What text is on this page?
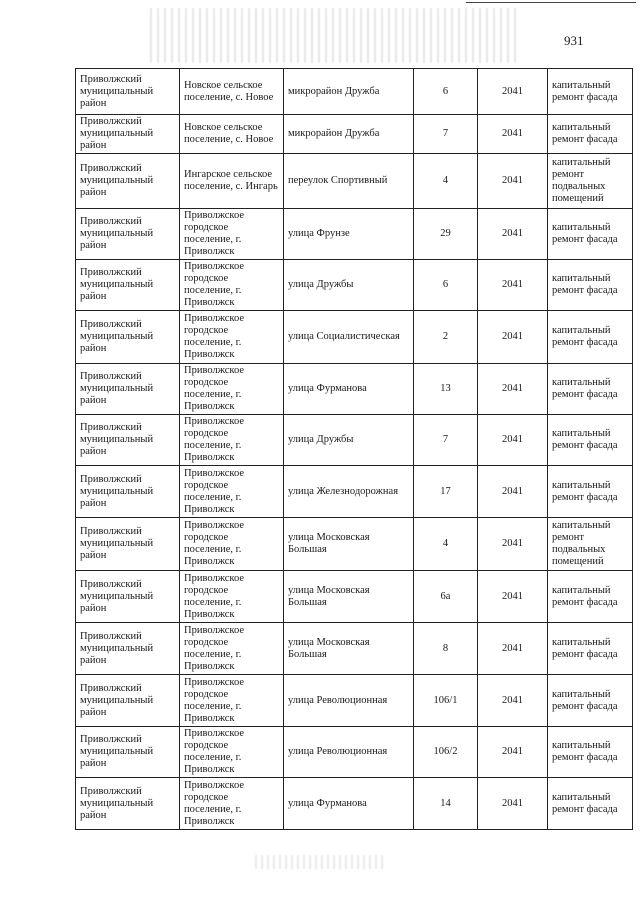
931
Приволжский муниципальный район	Новское сельское поселение, с. Новое	микрорайон Дружба	6	2041	капитальный ремонт фасада
Приволжский муниципальный район	Новское сельское поселение, с. Новое	микрорайон Дружба	7	2041	капитальный ремонт фасада
Приволжский муниципальный район	Ингарское сельское поселение, с. Ингарь	переулок Спортивный	4	2041	капитальный ремонт подвальных помещений
Приволжский муниципальный район	Приволжское городское поселение, г. Приволжск	улица Фрунзе	29	2041	капитальный ремонт фасада
Приволжский муниципальный район	Приволжское городское поселение, г. Приволжск	улица Дружбы	6	2041	капитальный ремонт фасада
Приволжский муниципальный район	Приволжское городское поселение, г. Приволжск	улица Социалистическая	2	2041	капитальный ремонт фасада
Приволжский муниципальный район	Приволжское городское поселение, г. Приволжск	улица Фурманова	13	2041	капитальный ремонт фасада
Приволжский муниципальный район	Приволжское городское поселение, г. Приволжск	улица Дружбы	7	2041	капитальный ремонт фасада
Приволжский муниципальный район	Приволжское городское поселение, г. Приволжск	улица Железнодорожная	17	2041	капитальный ремонт фасада
Приволжский муниципальный район	Приволжское городское поселение, г. Приволжск	улица Московская Большая	4	2041	капитальный ремонт подвальных помещений
Приволжский муниципальный район	Приволжское городское поселение, г. Приволжск	улица Московская Большая	6а	2041	капитальный ремонт фасада
Приволжский муниципальный район	Приволжское городское поселение, г. Приволжск	улица Московская Большая	8	2041	капитальный ремонт фасада
Приволжский муниципальный район	Приволжское городское поселение, г. Приволжск	улица Революционная	106/1	2041	капитальный ремонт фасада
Приволжский муниципальный район	Приволжское городское поселение, г. Приволжск	улица Революционная	106/2	2041	капитальный ремонт фасада
Приволжский муниципальный район	Приволжское городское поселение, г. Приволжск	улица Фурманова	14	2041	капитальный ремонт фасада
